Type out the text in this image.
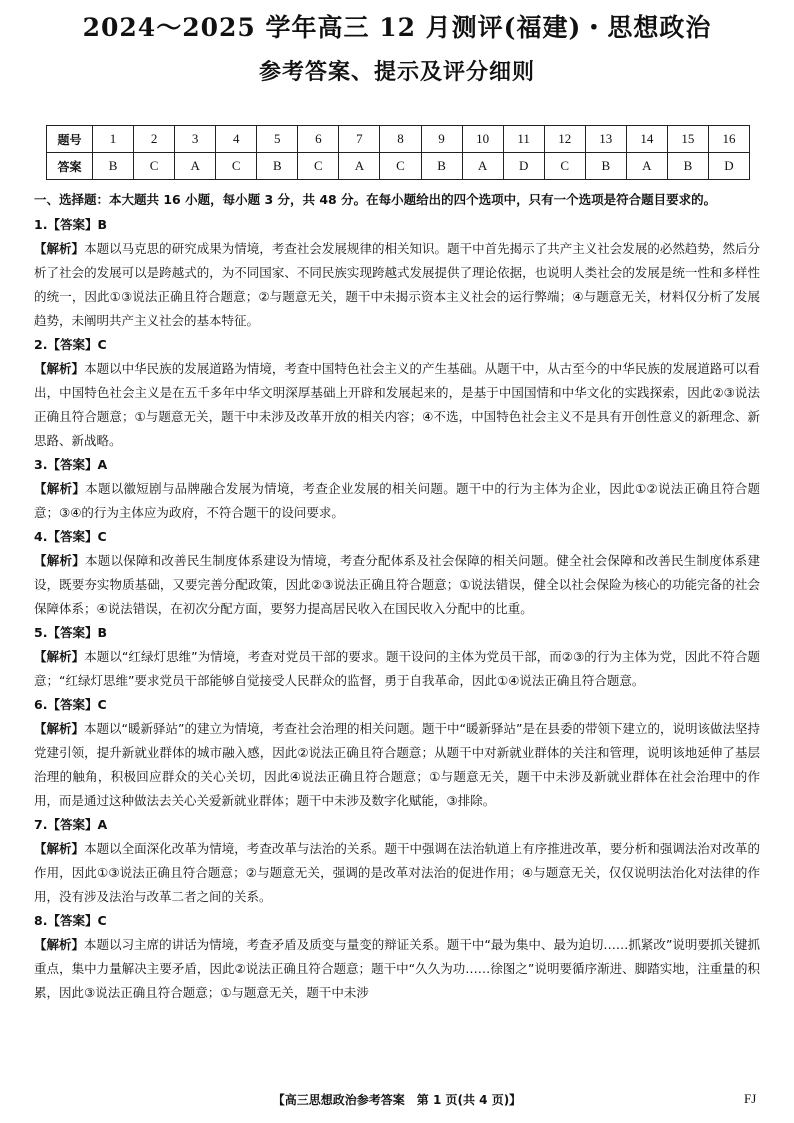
2024～2025 学年高三 12 月测评(福建)・思想政治
参考答案、提示及评分细则
题号	1	2	3	4	5	6	7	8	9	10	11	12	13	14	15	16
答案	B	C	A	C	B	C	A	C	B	A	D	C	B	A	B	D
一、选择题：本大题共 16 小题，每小题 3 分，共 48 分。在每小题给出的四个选项中，只有一个选项是符合题目要求的。
1.【答案】B
【解析】本题以马克思的研究成果为情境，考查社会发展规律的相关知识。题干中首先揭示了共产主义社会发展的必然趋势，然后分析了社会的发展可以是跨越式的，为不同国家、不同民族实现跨越式发展提供了理论依据，也说明人类社会的发展是统一性和多样性的统一，因此①③说法正确且符合题意；②与题意无关，题干中未揭示资本主义社会的运行弊端；④与题意无关，材料仅分析了发展趋势，未阐明共产主义社会的基本特征。
2.【答案】C
【解析】本题以中华民族的发展道路为情境，考查中国特色社会主义的产生基础。从题干中，从古至今的中华民族的发展道路可以看出，中国特色社会主义是在五千多年中华文明深厚基础上开辟和发展起来的，是基于中国国情和中华文化的实践探索，因此②③说法正确且符合题意；①与题意无关，题干中未涉及改革开放的相关内容；④不选，中国特色社会主义不是具有开创性意义的新理念、新思路、新战略。
3.【答案】A
【解析】本题以徽短剧与品牌融合发展为情境，考查企业发展的相关问题。题干中的行为主体为企业，因此①②说法正确且符合题意；③④的行为主体应为政府，不符合题干的设问要求。
4.【答案】C
【解析】本题以保障和改善民生制度体系建设为情境，考查分配体系及社会保障的相关问题。健全社会保障和改善民生制度体系建设，既要夯实物质基础，又要完善分配政策，因此②③说法正确且符合题意；①说法错误，健全以社会保险为核心的功能完备的社会保障体系；④说法错误，在初次分配方面，要努力提高居民收入在国民收入分配中的比重。
5.【答案】B
【解析】本题以“红绿灯思维”为情境，考查对党员干部的要求。题干设问的主体为党员干部，而②③的行为主体为党，因此不符合题意；“红绿灯思维”要求党员干部能够自觉接受人民群众的监督，勇于自我革命，因此①④说法正确且符合题意。
6.【答案】C
【解析】本题以“暖新驿站”的建立为情境，考查社会治理的相关问题。题干中“暖新驿站”是在县委的带领下建立的，说明该做法坚持党建引领，提升新就业群体的城市融入感，因此②说法正确且符合题意；从题干中对新就业群体的关注和管理，说明该地延伸了基层治理的触角，积极回应群众的关心关切，因此④说法正确且符合题意；①与题意无关，题干中未涉及新就业群体在社会治理中的作用，而是通过这种做法去关心关爱新就业群体；题干中未涉及数字化赋能，③排除。
7.【答案】A
【解析】本题以全面深化改革为情境，考查改革与法治的关系。题干中强调在法治轨道上有序推进改革，要分析和强调法治对改革的作用，因此①③说法正确且符合题意；②与题意无关，强调的是改革对法治的促进作用；④与题意无关，仅仅说明法治化对法律的作用，没有涉及法治与改革二者之间的关系。
8.【答案】C
【解析】本题以习主席的讲话为情境，考查矛盾及质变与量变的辩证关系。题干中“最为集中、最为迫切……抓紧改”说明要抓关键抓重点，集中力量解决主要矛盾，因此②说法正确且符合题意；题干中“久久为功……徐图之”说明要循序渐进、脚踏实地，注重量的积累，因此③说法正确且符合题意；①与题意无关，题干中未涉
【高三思想政治参考答案　第 1 页(共 4 页)】	FJ
